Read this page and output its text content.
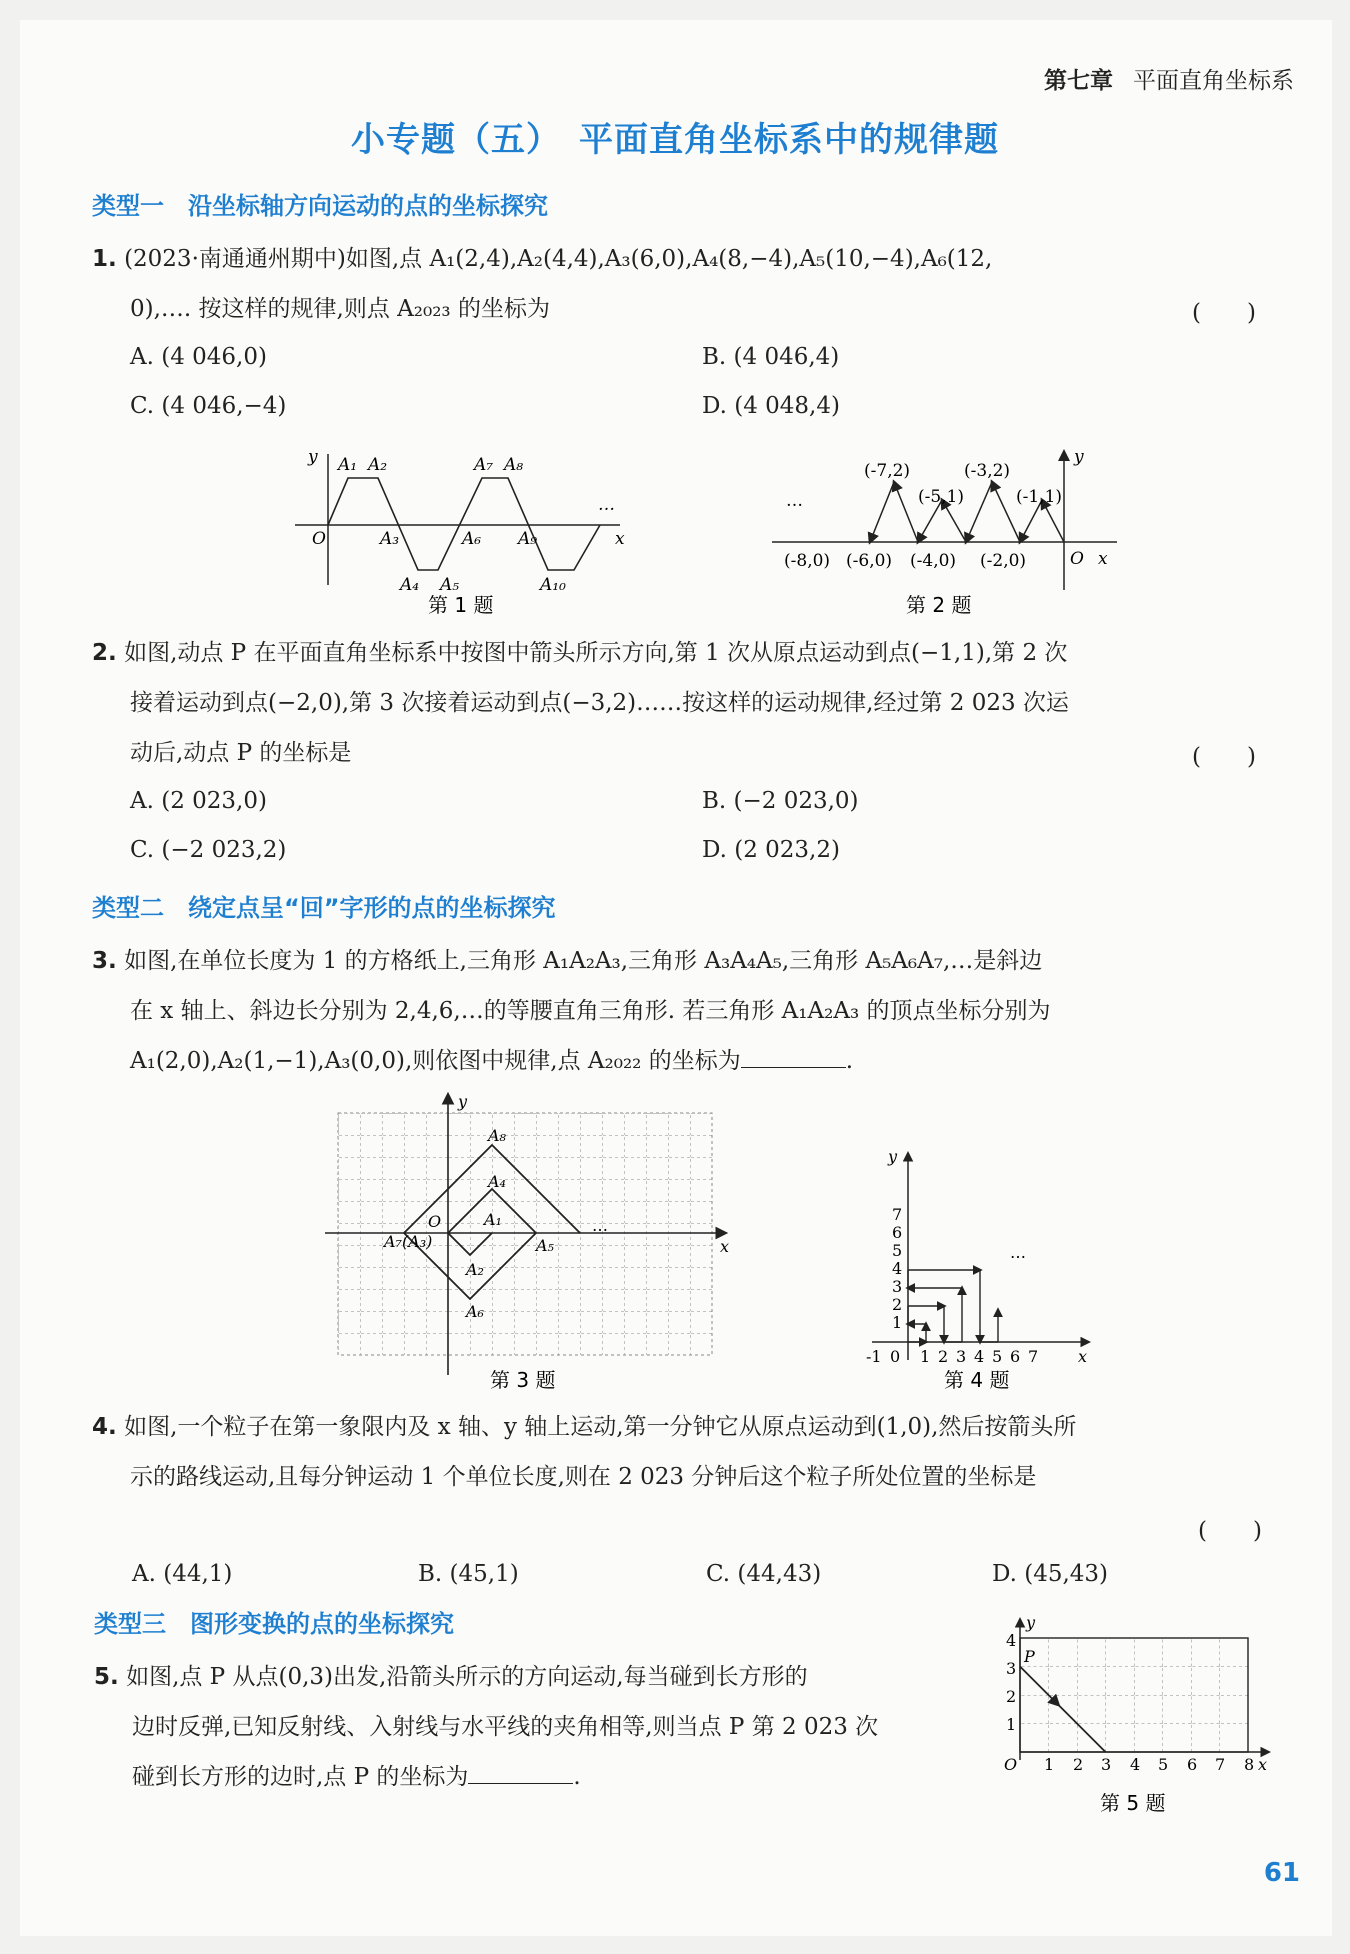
第七章 平面直角坐标系
小专题（五）　平面直角坐标系中的规律题
类型一　沿坐标轴方向运动的点的坐标探究
1. (2023·南通通州期中)如图,点 A₁(2,4),A₂(4,4),A₃(6,0),A₄(8,−4),A₅(10,−4),A₆(12,
0),…. 按这样的规律,则点 A₂₀₂₃ 的坐标为	(　　)
A. (4 046,0)	B. (4 046,4)
C. (4 046,−4)	D. (4 048,4)
y
O	x
A₁ A₂
A₃
A₄ A₅
A₆
A₇ A₈
A₉
A₁₀
…
第 1 题
(-7,2)	(-3,2)
(-5,1)	(-1,1)
(-8,0) (-6,0) (-4,0) (-2,0)	O x
y
…
第 2 题
2. 如图,动点 P 在平面直角坐标系中按图中箭头所示方向,第 1 次从原点运动到点(−1,1),第 2 次
接着运动到点(−2,0),第 3 次接着运动到点(−3,2)……按这样的运动规律,经过第 2 023 次运
动后,动点 P 的坐标是	(　　)
A. (2 023,0)	B. (−2 023,0)
C. (−2 023,2)	D. (2 023,2)
类型二　绕定点呈“回”字形的点的坐标探究
3. 如图,在单位长度为 1 的方格纸上,三角形 A₁A₂A₃,三角形 A₃A₄A₅,三角形 A₅A₆A₇,…是斜边
在 x 轴上、斜边长分别为 2,4,6,…的等腰直角三角形. 若三角形 A₁A₂A₃ 的顶点坐标分别为
A₁(2,0),A₂(1,−1),A₃(0,0),则依图中规律,点 A₂₀₂₂ 的坐标为	.
O
x
y
A₈
A₄
A₁
A₇(A₃)	A₅
A₂
A₆
…
第 3 题
1
2
3
4
5
6
7
1 2 3 4 5 6 7
-1 0	x
y
…
第 4 题
4. 如图,一个粒子在第一象限内及 x 轴、y 轴上运动,第一分钟它从原点运动到(1,0),然后按箭头所
示的路线运动,且每分钟运动 1 个单位长度,则在 2 023 分钟后这个粒子所处位置的坐标是
(　　)
A. (44,1)	B. (45,1)	C. (44,43)	D. (45,43)
类型三　图形变换的点的坐标探究
5. 如图,点 P 从点(0,3)出发,沿箭头所示的方向运动,每当碰到长方形的
边时反弹,已知反射线、入射线与水平线的夹角相等,则当点 P 第 2 023 次
碰到长方形的边时,点 P 的坐标为	.
P
O	x
y
1
2
3
4
1 2 3 4 5 6 7 8
第 5 题
61
